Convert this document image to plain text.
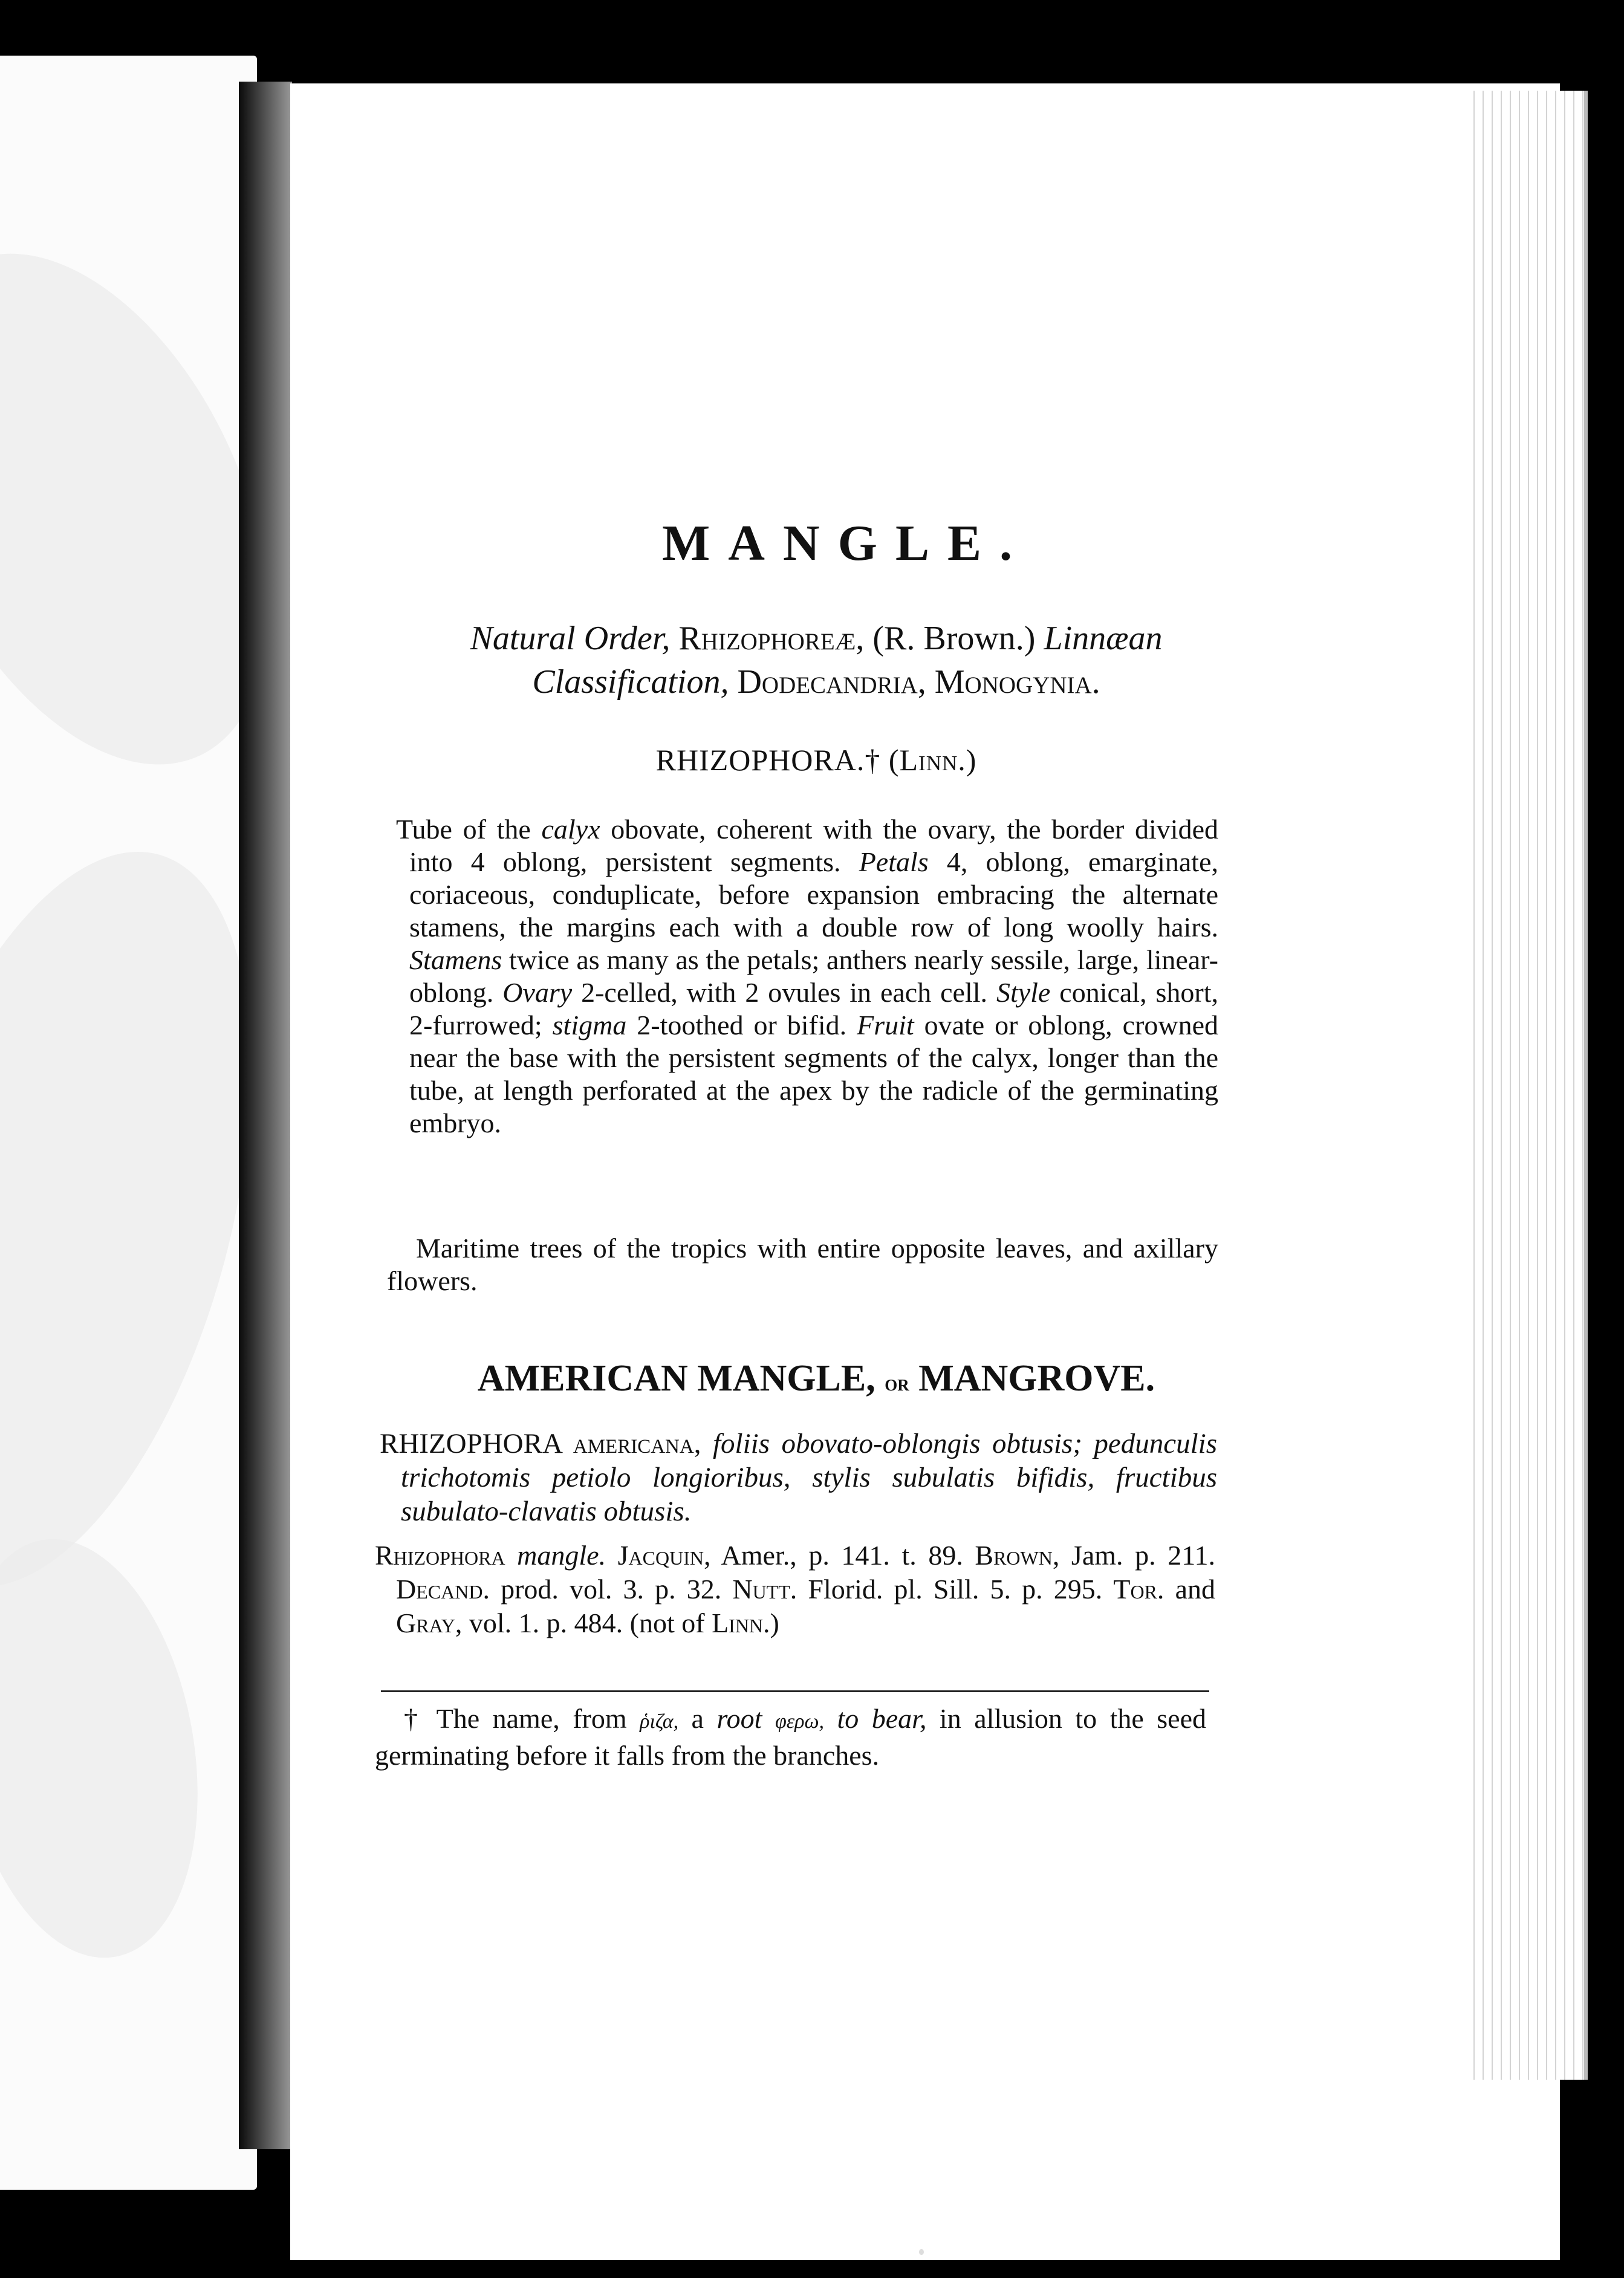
MANGLE.

Natural Order, Rhizophoreæ, (R. Brown.) Linnæan
Classification, Dodecandria, Monogynia.

RHIZOPHORA.† (Linn.)

Tube of the calyx obovate, coherent with the ovary, the border divided into 4 oblong, persistent segments. Petals 4, oblong, emarginate, coriaceous, conduplicate, before expansion embracing the alternate stamens, the margins each with a double row of long woolly hairs. Stamens twice as many as the petals; anthers nearly sessile, large, linear-oblong. Ovary 2-celled, with 2 ovules in each cell. Style conical, short, 2-furrowed; stigma 2-toothed or bifid. Fruit ovate or oblong, crowned near the base with the persistent segments of the calyx, longer than the tube, at length perforated at the apex by the radicle of the germinating embryo.

Maritime trees of the tropics with entire opposite leaves, and axillary flowers.

AMERICAN MANGLE, or MANGROVE.

RHIZOPHORA americana, foliis obovato-oblongis obtusis; pedunculis trichotomis petiolo longioribus, stylis subulatis bifidis, fructibus subulato-clavatis obtusis.

Rhizophora mangle. Jacquin, Amer., p. 141. t. 89. Brown, Jam. p. 211. Decand. prod. vol. 3. p. 32. Nutt. Florid. pl. Sill. 5. p. 295. Tor. and Gray, vol. 1. p. 484. (not of Linn.)

† The name, from ῥιζα, a root φερω, to bear, in allusion to the seed germinating before it falls from the branches.
